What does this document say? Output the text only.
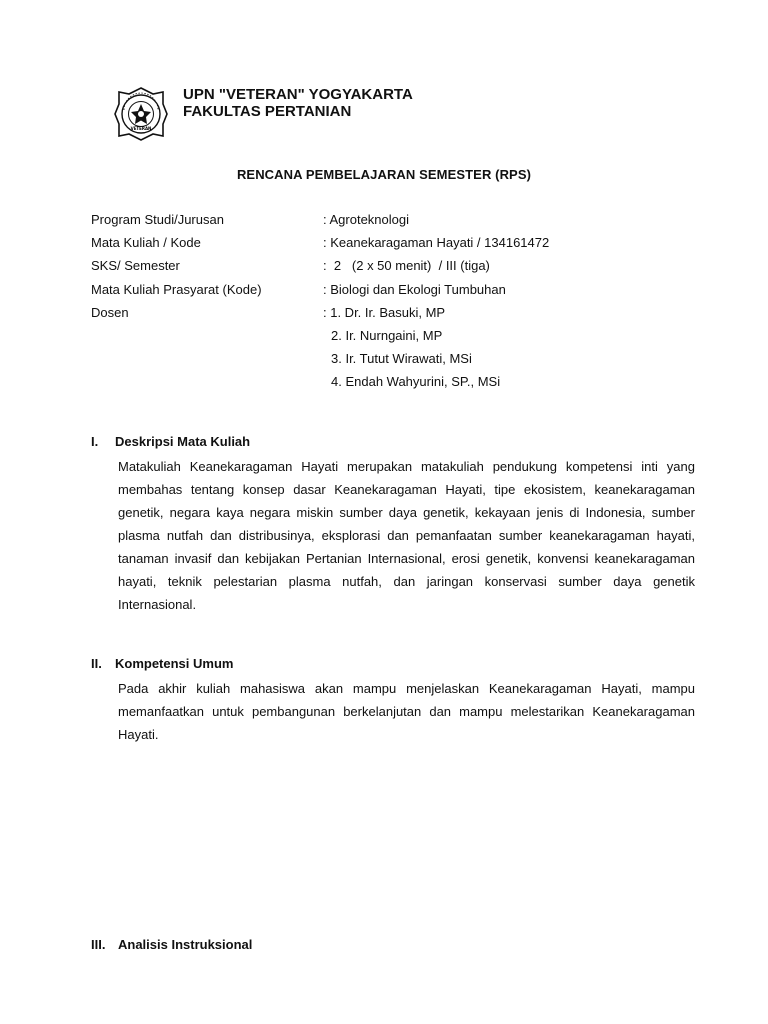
VETERAN
UPN "VETERAN" YOGYAKARTA
FAKULTAS PERTANIAN
RENCANA PEMBELAJARAN SEMESTER (RPS)
Program Studi/Jurusan	: Agroteknologi
Mata Kuliah / Kode	: Keanekaragaman Hayati / 134161472
SKS/ Semester	:  2   (2 x 50 menit)  / III (tiga)
Mata Kuliah Prasyarat (Kode)	: Biologi dan Ekologi Tumbuhan
Dosen	: 1. Dr. Ir. Basuki, MP
2. Ir. Nurngaini, MP
3. Ir. Tutut Wirawati, MSi
4. Endah Wahyurini, SP., MSi
I. Deskripsi Mata Kuliah

Matakuliah Keanekaragaman Hayati merupakan matakuliah pendukung kompetensi inti yang membahas tentang konsep dasar Keanekaragaman Hayati, tipe ekosistem, keanekaragaman genetik, negara kaya negara miskin sumber daya genetik, kekayaan jenis di Indonesia, sumber plasma nutfah dan distribusinya, eksplorasi dan pemanfaatan sumber keanekaragaman hayati, tanaman invasif dan kebijakan Pertanian Internasional, erosi genetik, konvensi keanekaragaman hayati, teknik pelestarian plasma nutfah, dan jaringan konservasi sumber daya genetik Internasional.

II. Kompetensi Umum

Pada akhir kuliah mahasiswa akan mampu menjelaskan Keanekaragaman Hayati, mampu memanfaatkan untuk pembangunan berkelanjutan dan mampu melestarikan Keanekaragaman Hayati.

III. Analisis Instruksional
